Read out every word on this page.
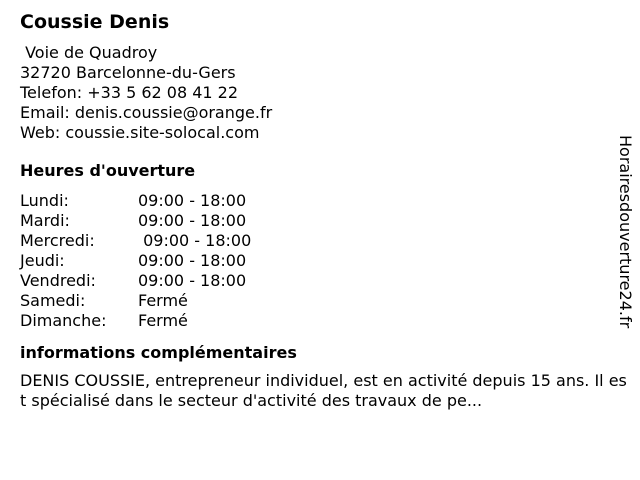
Coussie Denis
Voie de Quadroy
32720 Barcelonne-du-Gers
Telefon: +33 5 62 08 41 22
Email: denis.coussie@orange.fr
Web: coussie.site-solocal.com
Heures d'ouverture
Lundi:	09:00 - 18:00
Mardi:	09:00 - 18:00
Mercredi:	09:00 - 18:00
Jeudi:	09:00 - 18:00
Vendredi:	09:00 - 18:00
Samedi:	Fermé
Dimanche:	Fermé
informations complémentaires
DENIS COUSSIE, entrepreneur individuel, est en activité depuis 15 ans. Il est spécialisé dans le secteur d'activité des travaux de pe...
Horairesdouverture24.fr
